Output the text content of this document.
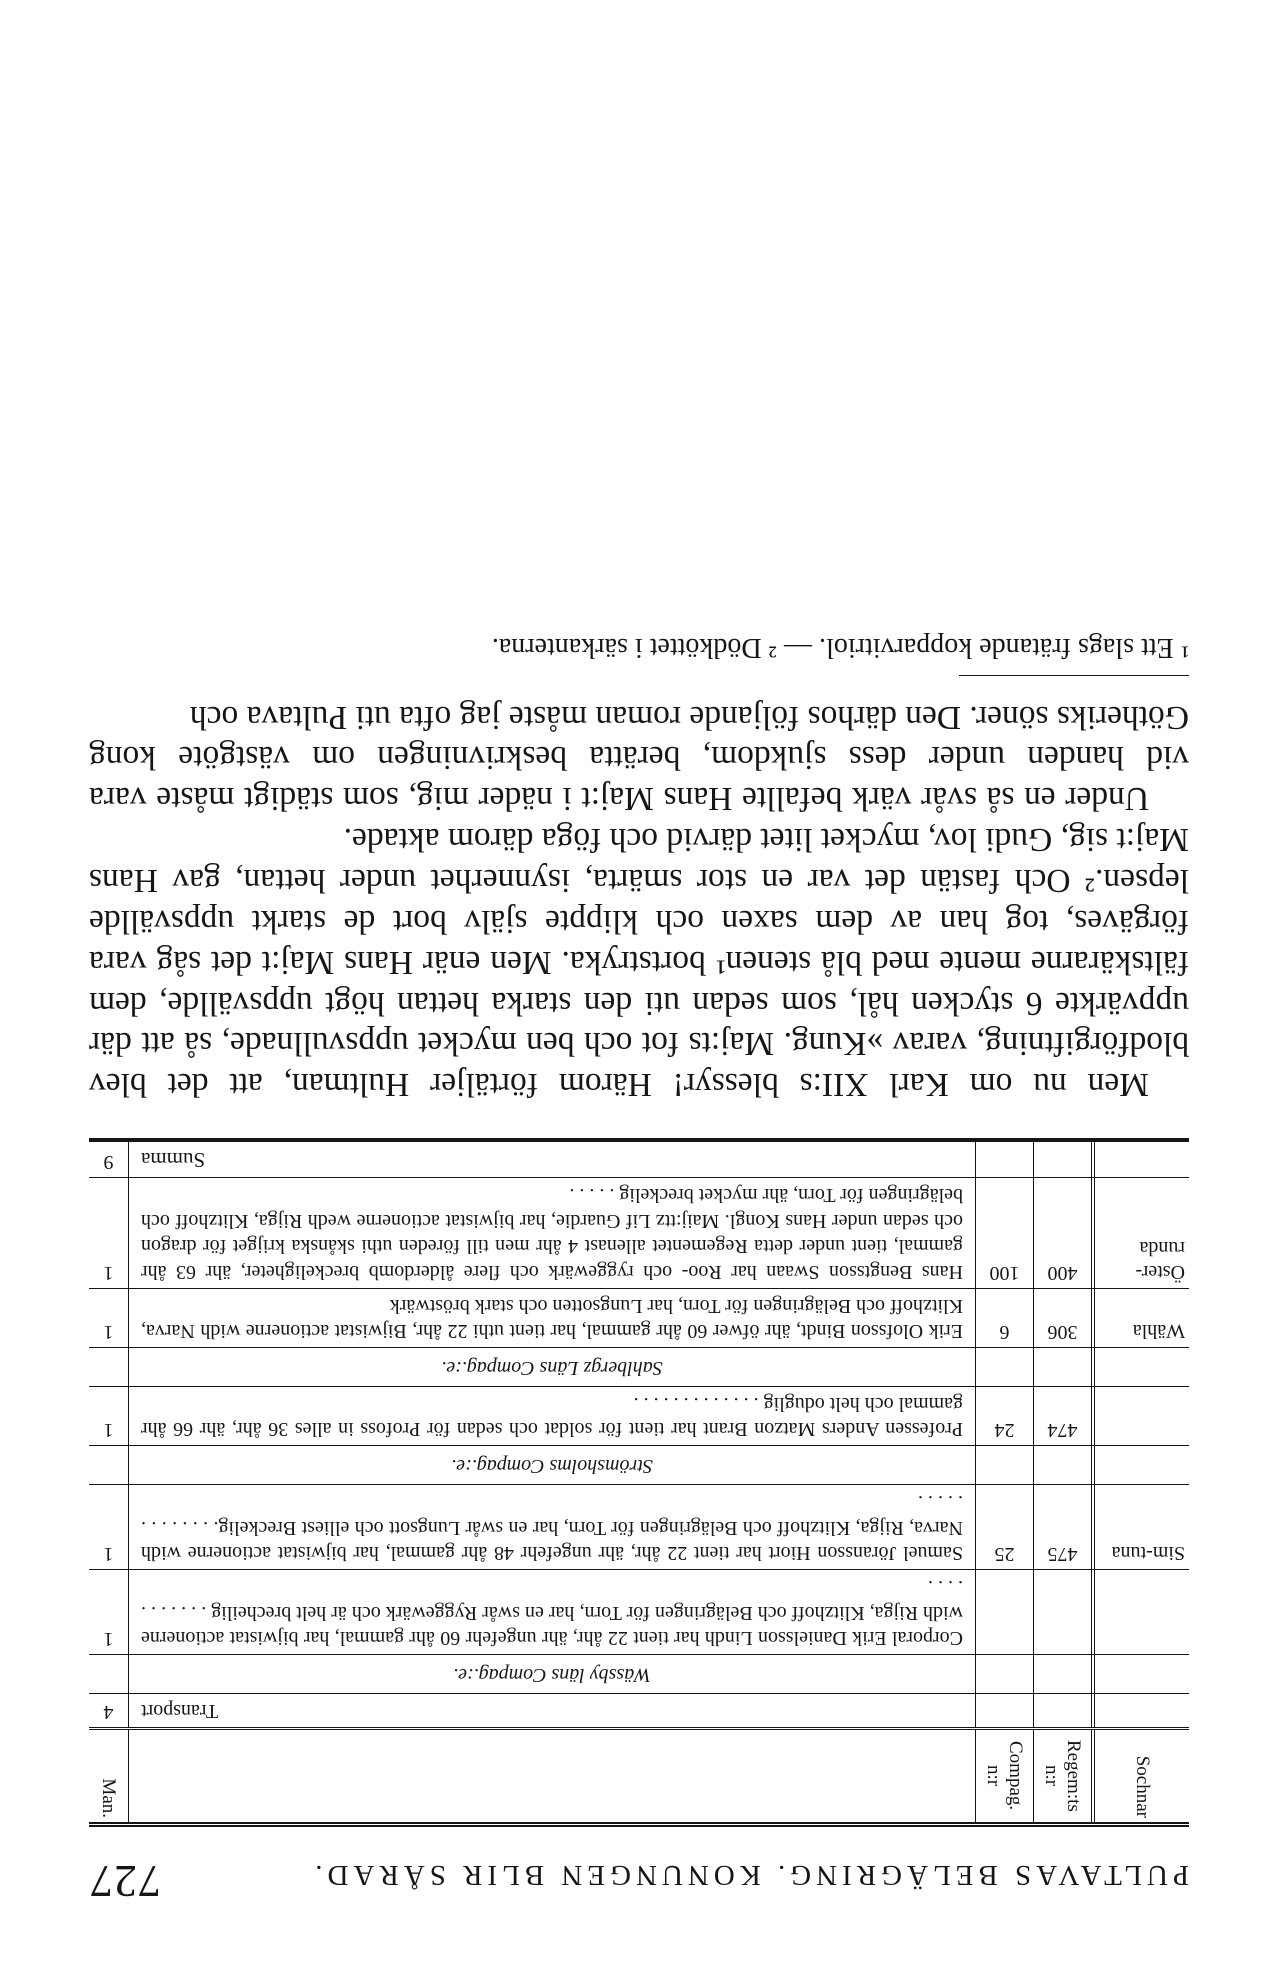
PULTAVAS BELÄGRING. KONUNGEN BLIR SÅRAD.
727
Sochnar
Regem:ts n:r
Compag. n:r
Man.
Transport
4
Wässby läns Compag.:e.
Corporal Erik Danielsson Lindh har tient 22 åhr, ähr ungefehr 60 åhr gammal, har bijwistat actionerne widh Rijga, Klitzhoff och Belägringen för Torn, har en swår Ryggewärk och är helt brecheilig . . . . . . . . . . .
1
Sim-tuna
475
25
Samuel Jöransson Hiort har tient 22 åhr, ähr ungefehr 48 åhr gammal, har bijwistat actionerne widh Narva, Rijga, Klitzhoff och Belägringen för Torn, har en swår Lungsott och elliest Breckelig. . . . . . . . . . . . .
1
Strömsholms Compag.:e.
474
24
Professen Anders Matzon Brant har tient för soldat och sedan för Profoss in alles 36 åhr, ähr 66 åhr gammal och helt oduglig . . . . . . . . . . . . .
1
Sahlbergz Läns Compag.:e.
Wähla
306
6
Erik Olofsson Bindt, ähr öfwer 60 åhr gammal, har tient uthi 22 åhr, Bijwistat actionerne widh Narva, Klitzhoff och Belägringen för Torn, har Lungsotten och stark bröstwärk
1
Öster-runda
400
100
Hans Bengtsson Swaan har Roo- och ryggewärk och flere ålderdomb breckeligheter, ähr 63 åhr gammal, tient under detta Regementet allenast 4 åhr men till föreden uthi skånska krijget för dragon och sedan under Hans Kongl. Maij:ttz Lif Guardie, har bijwistat actionerne wedh Rijga, Klitzhoff och belägringen för Torn, ähr mycket breckelig . . . . .
1
Summa
9

Men nu om Karl XII:s blessyr! Härom förtäljer Hultman, att det blev blodförgiftning, varav »Kung. Maj:ts fot och ben mycket uppsvullnade, så att där uppvärkte 6 stycken hål, som sedan uti den starka hettan högt uppsvällde, dem fältskärarne mente med blå stenen¹ bortstryka. Men enär Hans Maj:t det såg vara förgäves, tog han av dem saxen och klippte själv bort de starkt uppsvällde lepsen.² Och fastän det var en stor smärta, isynnerhet under hettan, gav Hans Maj:t sig, Gudi lov, mycket litet därvid och föga därom aktade.

Under en så svår värk befallte Hans Maj:t i näder mig, som städigt måste vara vid handen under dess sjukdom, berätta beskrivningen om västgöte kong Götheriks söner. Den därhos följande roman måste jag ofta uti Pultava och

¹ Ett slags frätande kopparvitriol. — ² Dödköttet i särkanterna.
